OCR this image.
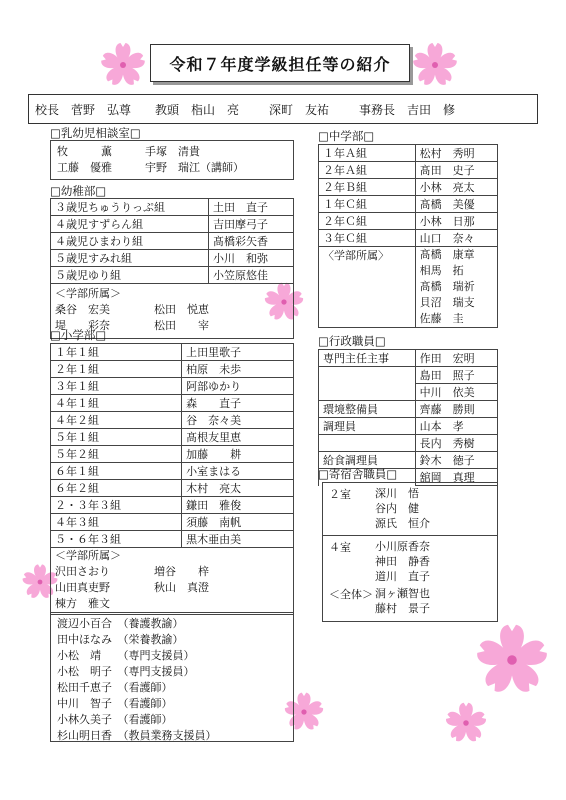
令和７年度学級担任等の紹介
校長　菅野　弘尊 教頭　栺山　亮	深町　友祐	事務長　吉田　修
□乳幼児相談室□
牧　　　薫　　　手塚　清貴
工藤　優雅　　　宇野　瑞江（講師）
□幼稚部□
３歳児ちゅうりっぷ組	土田　直子
４歳児すずらん組	吉田摩弓子
４歳児ひまわり組	髙橋彩矢香
５歳児すみれ組	小川　和弥
５歳児ゆり組	小笠原悠佳

＜学部所属＞
桑谷　宏美　　　　松田　悦恵
堤　　彩奈　　　　松田　　宰	
□小学部□
１年１組	上田里歌子
２年１組	柏原　未歩
３年１組	阿部ゆかり
４年１組	森　　直子
４年２組	谷　奈々美
５年１組	髙根友里恵
５年２組	加藤　　耕
６年１組	小室まはる
６年２組	木村　亮太
２・３年３組	鎌田　雅俊
４年３組	須藤　南帆
５・６年３組	黒木亜由美

＜学部所属＞
沢田さおり　　　　増谷　　梓
山田真吏野　　　　秋山　真澄
棟方　雅文	
渡辺小百合　（養護教諭）
田中ほなみ　（栄養教諭）
小松　靖　　（専門支援員）
小松　明子　（専門支援員）
松田千恵子　（看護師）
中川　智子　（看護師）
小林久美子　（看護師）
杉山明日香　（教員業務支援員）
□中学部□
１年Ａ組	松村　秀明
２年Ａ組	髙田　史子
２年Ｂ組	小林　亮太
１年Ｃ組	髙橋　美優
２年Ｃ組	小林　日那
３年Ｃ組	山口　奈々
〈学部所属〉	髙橋　康章
相馬　拓
髙橋　瑞祈
貝沼　瑞支
佐藤　圭
□行政職員□
専門主任主事	作田　宏明
	島田　照子
	中川　依美
環境整備員	齊藤　勝則
調理員	山本　孝
	長内　秀樹
給食調理員	鈴木　徳子
	舘岡　真理
□寄宿舎職員□
２室	深川　悟
谷内　健
源氏　恒介
４室	小川原香奈
神田　静香
道川　直子
＜全体＞ 洞ヶ瀬智也
藤村　景子
